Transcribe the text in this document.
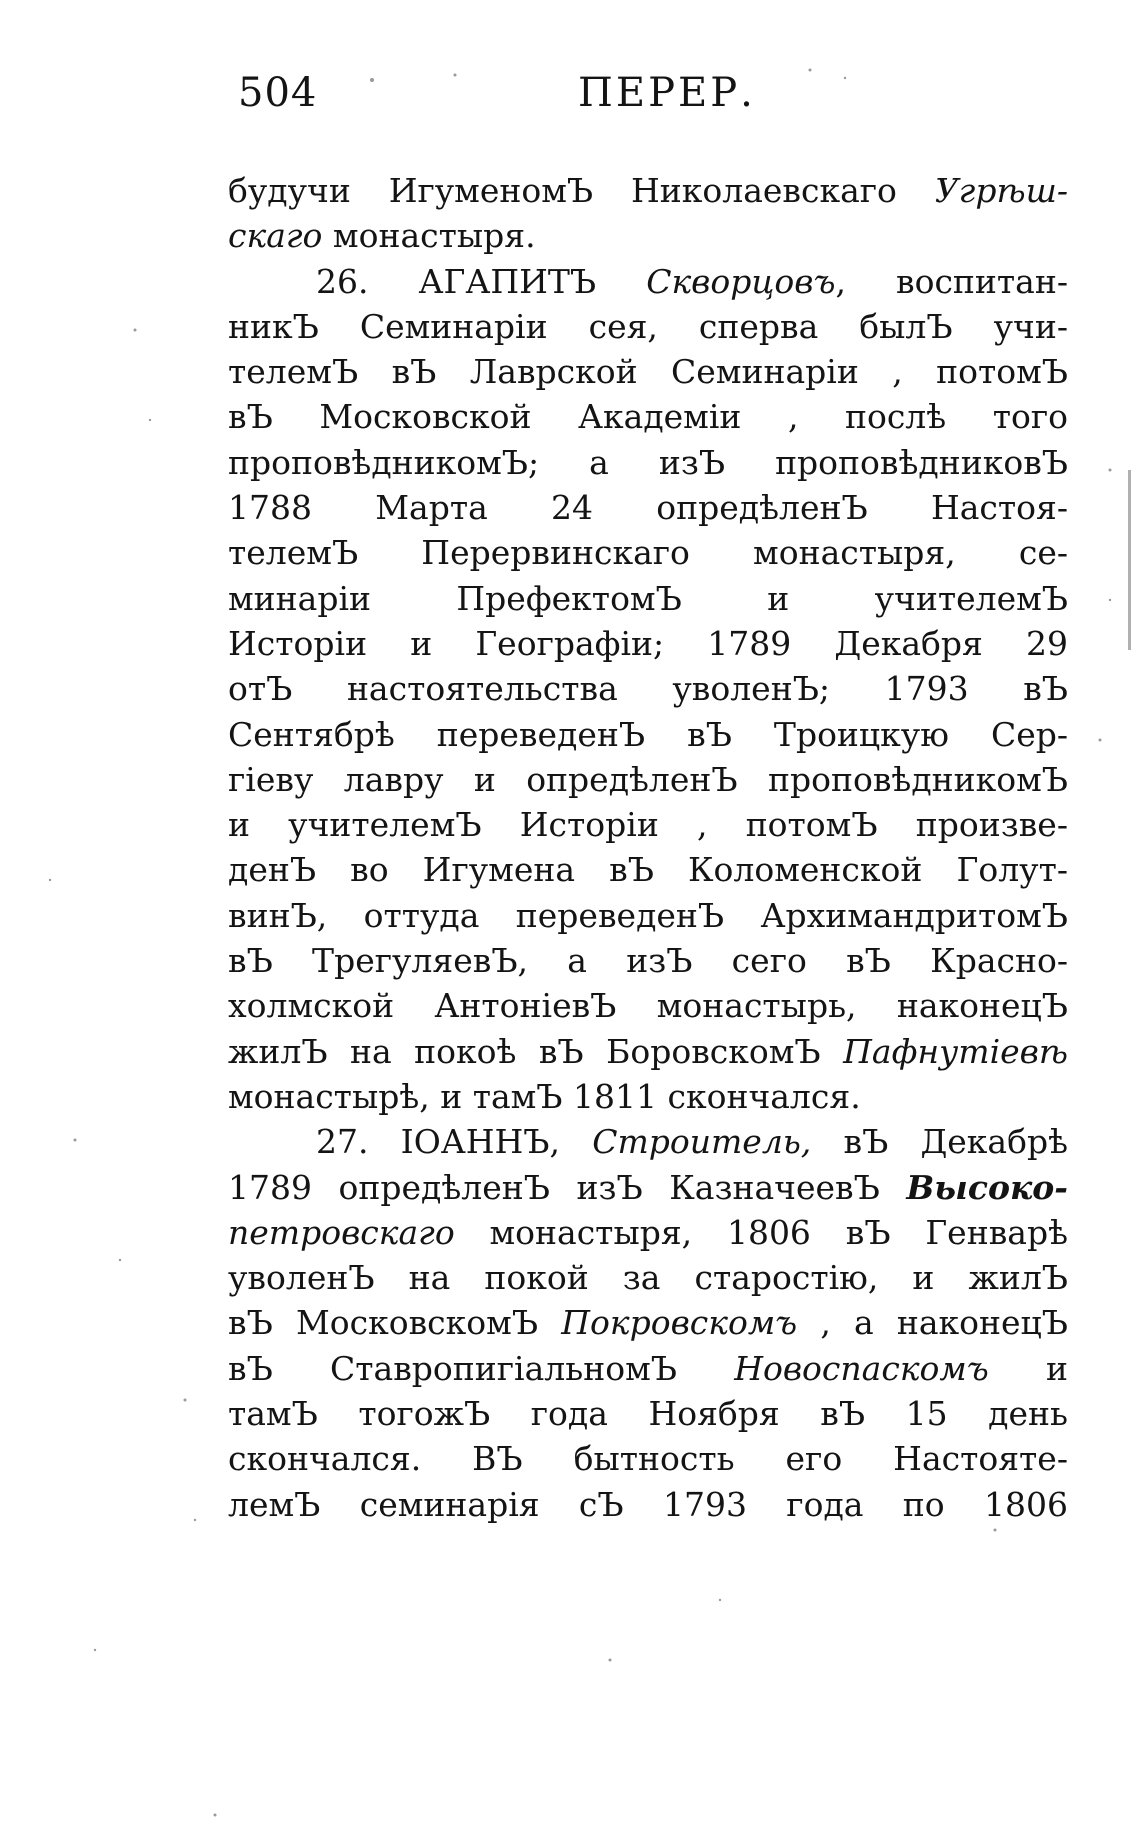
504	ПЕРЕР.
будучи ИгуменомЪ Николаевскаго Угрѣш-
скаго монастыря.
26. АГАПИТЪ Скворцовъ, воспитан-
никЪ Семинаріи сея, сперва былЪ учи-
телемЪ вЪ Лаврской Семинаріи , потомЪ
вЪ Московской Академіи , послѣ того
проповѣдникомЪ; а изЪ проповѣдниковЪ
1788 Марта 24 опредѣленЪ Настоя-
телемЪ Перервинскаго монастыря, се-
минаріи ПрефектомЪ и учителемЪ
Исторіи и Географіи; 1789 Декабря 29
отЪ настоятельства уволенЪ; 1793 вЪ
Сентябрѣ переведенЪ вЪ Троицкую Сер-
гіеву лавру и опредѣленЪ проповѣдникомЪ
и учителемЪ Исторіи , потомЪ произве-
денЪ во Игумена вЪ Коломенской Голут-
винЪ, оттуда переведенЪ АрхимандритомЪ
вЪ ТрегуляевЪ, а изЪ сего вЪ Красно-
холмской АнтоніевЪ монастырь, наконецЪ
жилЪ на покоѣ вЪ БоровскомЪ Пафнутіевѣ
монастырѣ, и тамЪ 1811 скончался.
27. ІОАННЪ, Строитель, вЪ Декабрѣ
1789 опредѣленЪ изЪ КазначеевЪ Высоко-
петровскаго монастыря, 1806 вЪ Генварѣ
уволенЪ на покой за старостію, и жилЪ
вЪ МосковскомЪ Покровскомъ , а наконецЪ
вЪ СтавропигіальномЪ Новоспаскомъ и
тамЪ тогожЪ года Ноября вЪ 15 день
скончался. ВЪ бытность его Настояте-
лемЪ семинарія сЪ 1793 года по 1806
